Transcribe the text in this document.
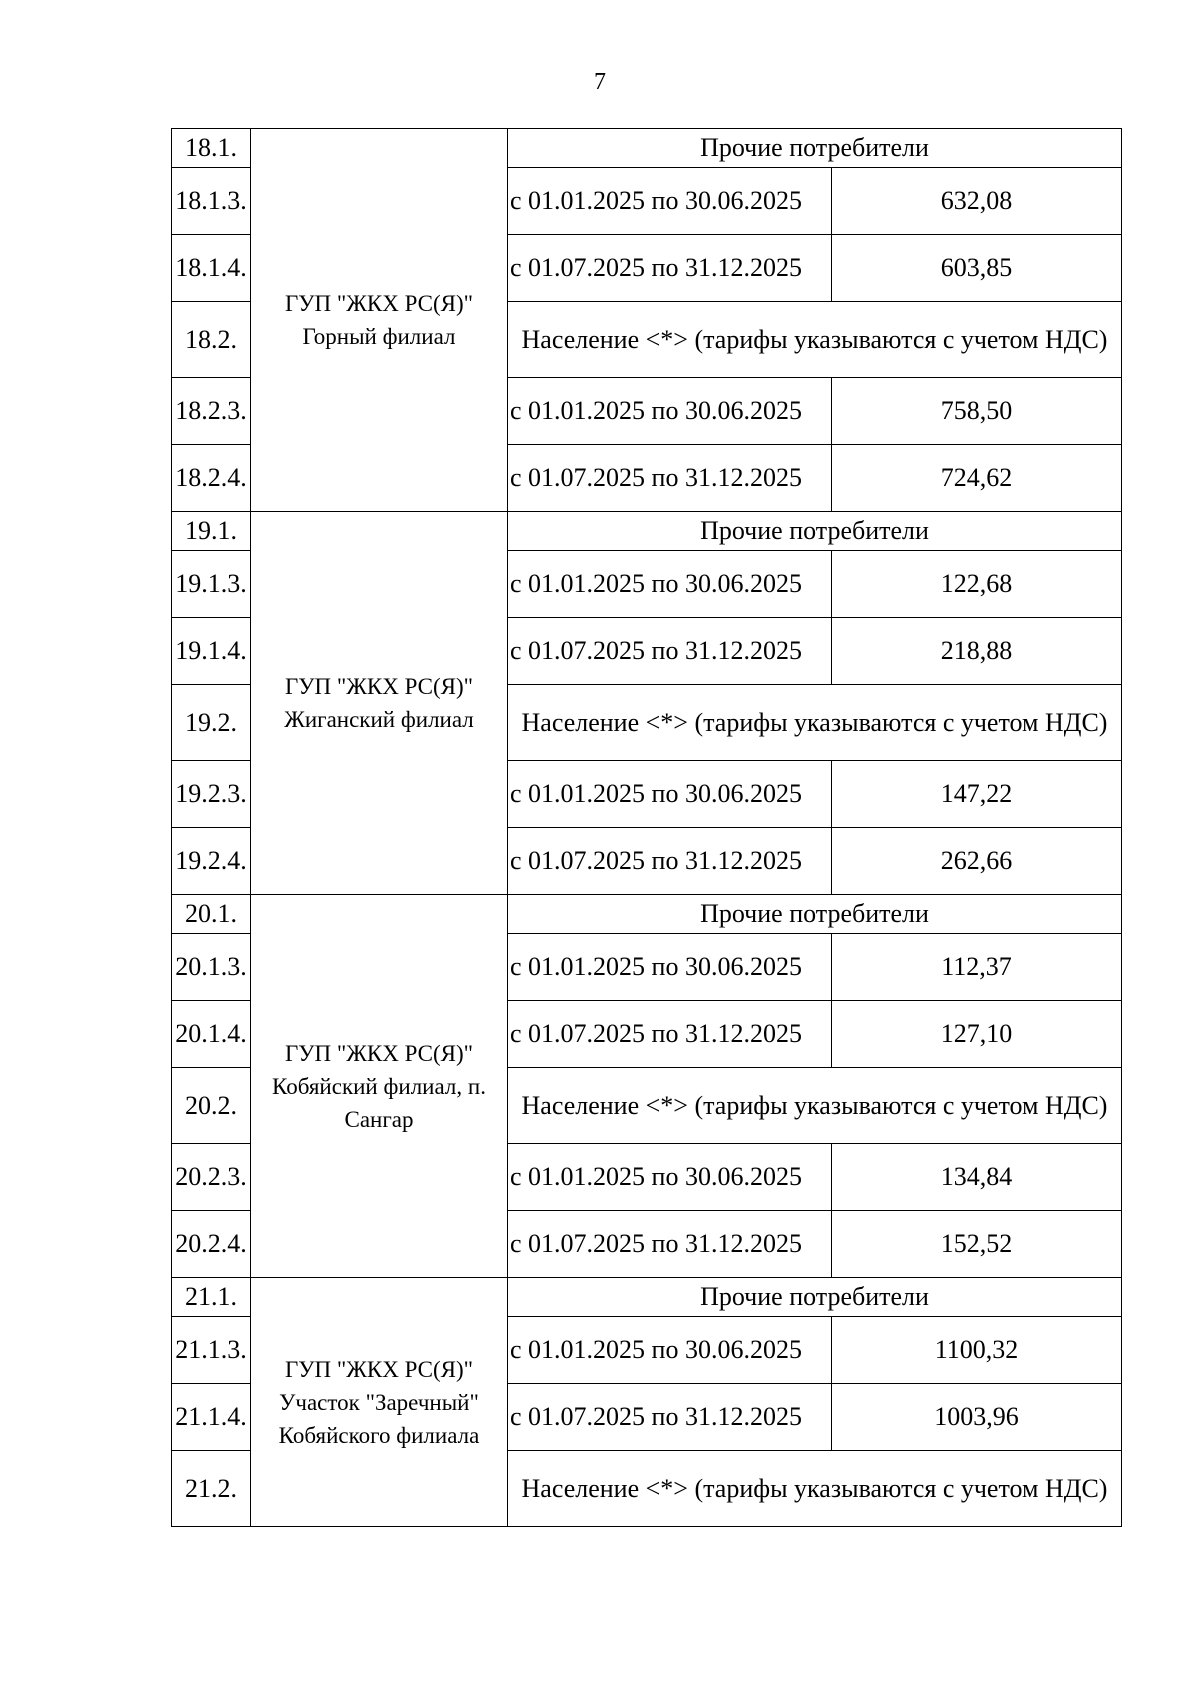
7
18.1.	ГУП "ЖКХ РС(Я)" Горный филиал	Прочие потребители	
18.1.3.		с 01.01.2025 по 30.06.2025	632,08
18.1.4.		с 01.07.2025 по 31.12.2025	603,85
18.2.		Население <*> (тарифы указываются с учетом НДС)	
18.2.3.		с 01.01.2025 по 30.06.2025	758,50
18.2.4.		с 01.07.2025 по 31.12.2025	724,62
19.1.	ГУП "ЖКХ РС(Я)" Жиганский филиал	Прочие потребители	
19.1.3.		с 01.01.2025 по 30.06.2025	122,68
19.1.4.		с 01.07.2025 по 31.12.2025	218,88
19.2.		Население <*> (тарифы указываются с учетом НДС)	
19.2.3.		с 01.01.2025 по 30.06.2025	147,22
19.2.4.		с 01.07.2025 по 31.12.2025	262,66
20.1.	ГУП "ЖКХ РС(Я)" Кобяйский филиал, п. Сангар	Прочие потребители	
20.1.3.		с 01.01.2025 по 30.06.2025	112,37
20.1.4.		с 01.07.2025 по 31.12.2025	127,10
20.2.		Население <*> (тарифы указываются с учетом НДС)	
20.2.3.		с 01.01.2025 по 30.06.2025	134,84
20.2.4.		с 01.07.2025 по 31.12.2025	152,52
21.1.	ГУП "ЖКХ РС(Я)" Участок "Заречный" Кобяйского филиала	Прочие потребители	
21.1.3.		с 01.01.2025 по 30.06.2025	1100,32
21.1.4.		с 01.07.2025 по 31.12.2025	1003,96
21.2.		Население <*> (тарифы указываются с учетом НДС)	
